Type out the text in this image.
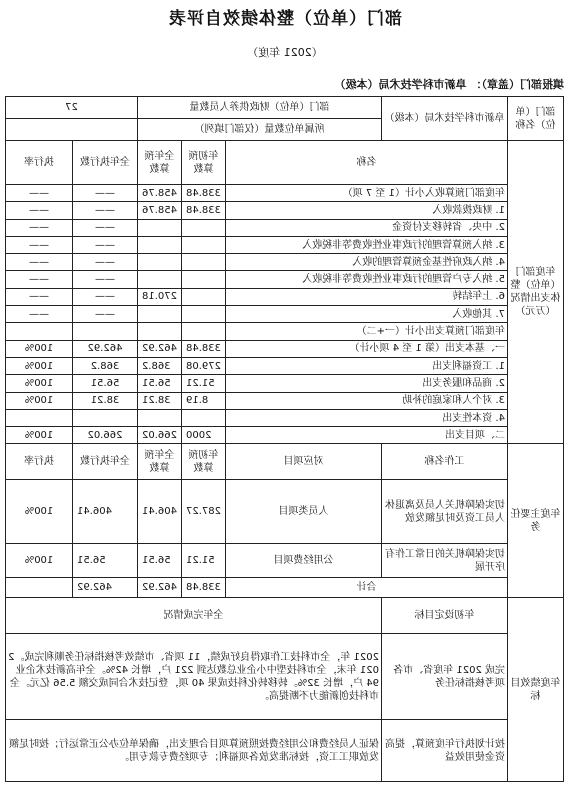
部门（单位）整体绩效自评表
（2021 年度）
填报部门（盖章）：阜新市科学技术局（本级）
部门（单位）名称	阜新市科学技术局（本级）	部门（单位）财政供养人员数量			27	
		所属单位数量（仅部门填列）				
年度部门（单位）整体支出情况（万元）	名称		年初预算数	全年预算数	全年执行数	执行率
	年度部门预算收入小计（1 至 7 项）		338.48	458.76	——	——
	1. 财政拨款收入		338.48	458.76	——	——
	2. 中央、省转移支付资金				——	——
	3. 纳入预算管理的行政事业性收费等非税收入				——	——
	4. 纳入政府性基金预算管理的收入				——	——
	5. 纳入专户管理的行政事业性收费等非税收入				——	——
	6. 上年结转			270.18	——	——
	7. 其他收入				——	——
	年度部门预算支出小计（一+二）					
	一、基本支出（第 1 至 4 项小计）		338.48	462.92	462.92	100%
	1. 工资福利支出		279.08	368.2	368.2	100%
	2. 商品和服务支出		51.21	56.51	56.51	100%
	3. 对个人和家庭的补助		8.19	38.21	38.21	100%
	4. 资本性支出					
	二、项目支出		2000	266.02	266.02	100%
年度主要任务	工作名称	对应项目	年初预算数	全年预算数	全年执行数	执行率
	切实保障机关人员及离退休人员工资及时足额发放	人员类项目	287.27	406.41	406.41	100%
	切实保障机关的日常工作有序开展	公用经费项目	51.21	56.51	56.51	100%
	合计		338.48	462.92	462.92	
年度绩效目标	年初设定目标	全年完成情况				
	完成 2021 年度省、市各项考核指标任务	2021 年，全市科技工作取得良好成绩，11 项省、市绩效考核指标任务顺利完成。2021 年末，全市科技型中小企业总数达到 221 户，增长 42%。全年高新技术企业 94 户，增长 32%。转移转化科技成果 40 项，登记技术合同成交额 5.56 亿元。全市科技创新能力不断提高。				
	按计划执行年度预算，提高资金使用效益	保证人员经费和公用经费按照预算项目合理支出，确保单位办公正常运行；按时足额发放职工工资，按标准发放各项福利；专项经费专款专用。				
